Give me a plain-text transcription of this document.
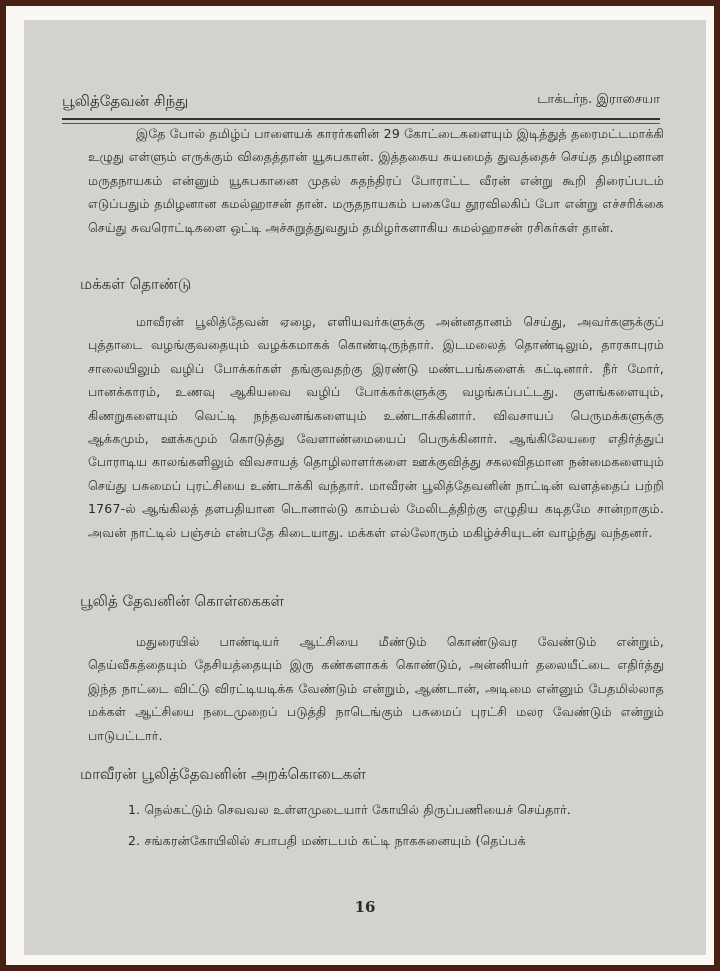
பூலித்தேவன் சிந்து	டாக்டர்ந. இராசையா

இதே போல் தமிழ்ப் பாளையக் காரர்களின் 29 கோட்டைகளையும் இடித்துத் தரைமட்டமாக்கி உழுது எள்ளும் எருக்கும் விதைத்தான் யூசுபகான். இத்தகைய சுயமைத் துவத்தைச் செய்த தமிழனான மருதநாயகம் என்னும் யூசுபகானை முதல் சுதந்திரப் போராட்ட வீரன் என்று கூறி திரைப்படம் எடுப்பதும் தமிழனான கமல்ஹாசன் தான். மருதநாயகம் பகையே தூரவிலகிப் போ என்று எச்சரிக்கை செய்து சுவரொட்டிகளை ஒட்டி அச்சுறுத்துவதும் தமிழர்களாகிய கமல்ஹாசன் ரசிகர்கள் தான்.

மக்கள் தொண்டு

மாவீரன் பூலித்தேவன் ஏழை, எளியவர்களுக்கு அன்னதானம் செய்து, அவர்களுக்குப் புத்தாடை வழங்குவதையும் வழக்கமாகக் கொண்டிருந்தார். இடமலைத் தொண்டிலும், தாரகாபுரம் சாலையிலும் வழிப் போக்கர்கள் தங்குவதற்கு இரண்டு மண்டபங்களைக் கட்டினார். நீர் மோர், பானக்காரம், உணவு ஆகியவை வழிப் போக்கர்களுக்கு வழங்கப்பட்டது. குளங்களையும், கிணறுகளையும் வெட்டி நந்தவனங்களையும் உண்டாக்கினார். விவசாயப் பெருமக்களுக்கு ஆக்கமும், ஊக்கமும் கொடுத்து வேளாண்மையைப் பெருக்கினார். ஆங்கிலேயரை எதிர்த்துப் போராடிய காலங்களிலும் விவசாயத் தொழிலாளர்களை ஊக்குவித்து சகலவிதமான நன்மைகளையும் செய்து பசுமைப் புரட்சியை உண்டாக்கி வந்தார். மாவீரன் பூலித்தேவனின் நாட்டின் வளத்தைப் பற்றி 1767-ல் ஆங்கிலத் தளபதியான டொனால்டு காம்பல் மேலிடத்திற்கு எழுதிய கடிதமே சான்றாகும். அவன் நாட்டில் பஞ்சம் என்பதே கிடையாது. மக்கள் எல்லோரும் மகிழ்ச்சியுடன் வாழ்ந்து வந்தனர்.

பூலித் தேவனின் கொள்கைகள்

மதுரையில் பாண்டியர் ஆட்சியை மீண்டும் கொண்டுவர வேண்டும் என்றும், தெய்வீகத்தையும் தேசியத்தையும் இரு கண்களாகக் கொண்டும், அன்னியர் தலையீட்டை எதிர்த்து இந்த நாட்டை விட்டு விரட்டியடிக்க வேண்டும் என்றும், ஆண்டான், அடிமை என்னும் பேதமில்லாத மக்கள் ஆட்சியை நடைமுறைப் படுத்தி நாடெங்கும் பசுமைப் புரட்சி மலர வேண்டும் என்றும் பாடுபட்டார்.

மாவீரன் பூலித்தேவனின் அறக்கொடைகள்

1. நெல்கட்டும் செவவல உள்ளமுடையார் கோயில் திருப்பணியைச் செய்தார்.

2. சங்கரன்கோயிலில் சபாபதி மண்டபம் கட்டி நாகசுனையும் (தெப்பக்

16
